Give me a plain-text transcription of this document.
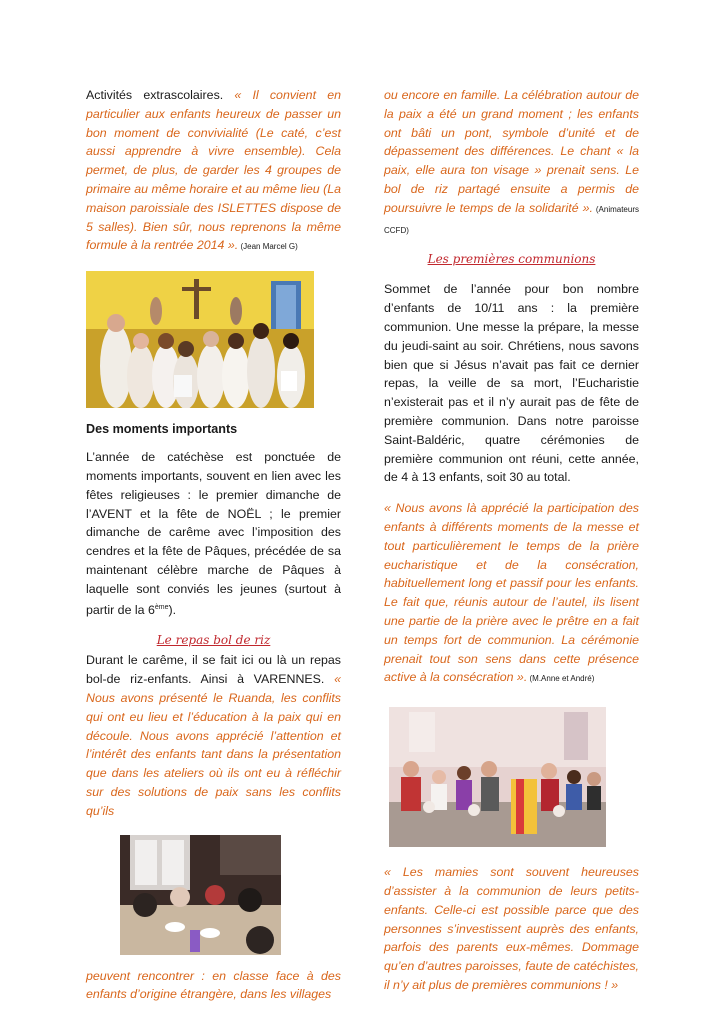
Activités extrascolaires. « Il convient en particulier aux enfants heureux de passer un bon moment de convivialité (Le caté, c’est aussi apprendre à vivre ensemble). Cela permet, de plus, de garder les 4 groupes de primaire au même horaire et au même lieu (La maison paroissiale des ISLETTES dispose de 5 salles). Bien sûr, nous reprenons la même formule à la rentrée 2014 ». (Jean Marcel G)

Des moments importants

L’année de catéchèse est ponctuée de moments importants, souvent en lien avec les fêtes religieuses : le premier dimanche de l’AVENT et la fête de NOËL ; le premier dimanche de carême avec l’imposition des cendres et la fête de Pâques, précédée de sa maintenant célèbre marche de Pâques à laquelle sont conviés les jeunes (surtout à partir de la 6ème).

Le repas bol de riz

Durant le carême, il se fait ici ou là un repas bol-de riz-enfants. Ainsi à VARENNES. « Nous avons présenté le Ruanda, les conflits qui ont eu lieu et l’éducation à la paix qui en découle. Nous avons apprécié l’attention et l’intérêt des enfants tant dans la présentation que dans les ateliers où ils ont eu à réfléchir sur des solutions de paix sans les conflits qu’ils

peuvent rencontrer : en classe face à des enfants d’origine étrangère, dans les villages

ou encore en famille. La célébration autour de la paix a été un grand moment ; les enfants ont bâti un pont, symbole d’unité et de dépassement des différences. Le chant « la paix, elle aura ton visage » prenait sens. Le bol de riz partagé ensuite a permis de poursuivre le temps de la solidarité ». (Animateurs CCFD)

Les premières communions

Sommet de l’année pour bon nombre d’enfants de 10/11 ans : la première communion. Une messe la prépare, la messe du jeudi-saint au soir. Chrétiens, nous savons bien que si Jésus n’avait pas fait ce dernier repas, la veille de sa mort, l’Eucharistie n’existerait pas et il n’y aurait pas de fête de première communion. Dans notre paroisse Saint-Baldéric, quatre cérémonies de première communion ont réuni, cette année, de 4 à 13 enfants, soit 30 au total.

« Nous avons là apprécié la participation des enfants à différents moments de la messe et tout particulièrement le temps de la prière eucharistique et de la consécration, habituellement long et passif pour les enfants. Le fait que, réunis autour de l’autel, ils lisent une partie de la prière avec le prêtre en a fait un temps fort de communion. La cérémonie prenait tout son sens dans cette présence active à la consécration ». (M.Anne et André)

« Les mamies sont souvent heureuses d’assister à la communion de leurs petits-enfants. Celle-ci est possible parce que des personnes s’investissent auprès des enfants, parfois des parents eux-mêmes. Dommage qu’en d’autres paroisses, faute de catéchistes, il n’y ait plus de premières communions ! »
